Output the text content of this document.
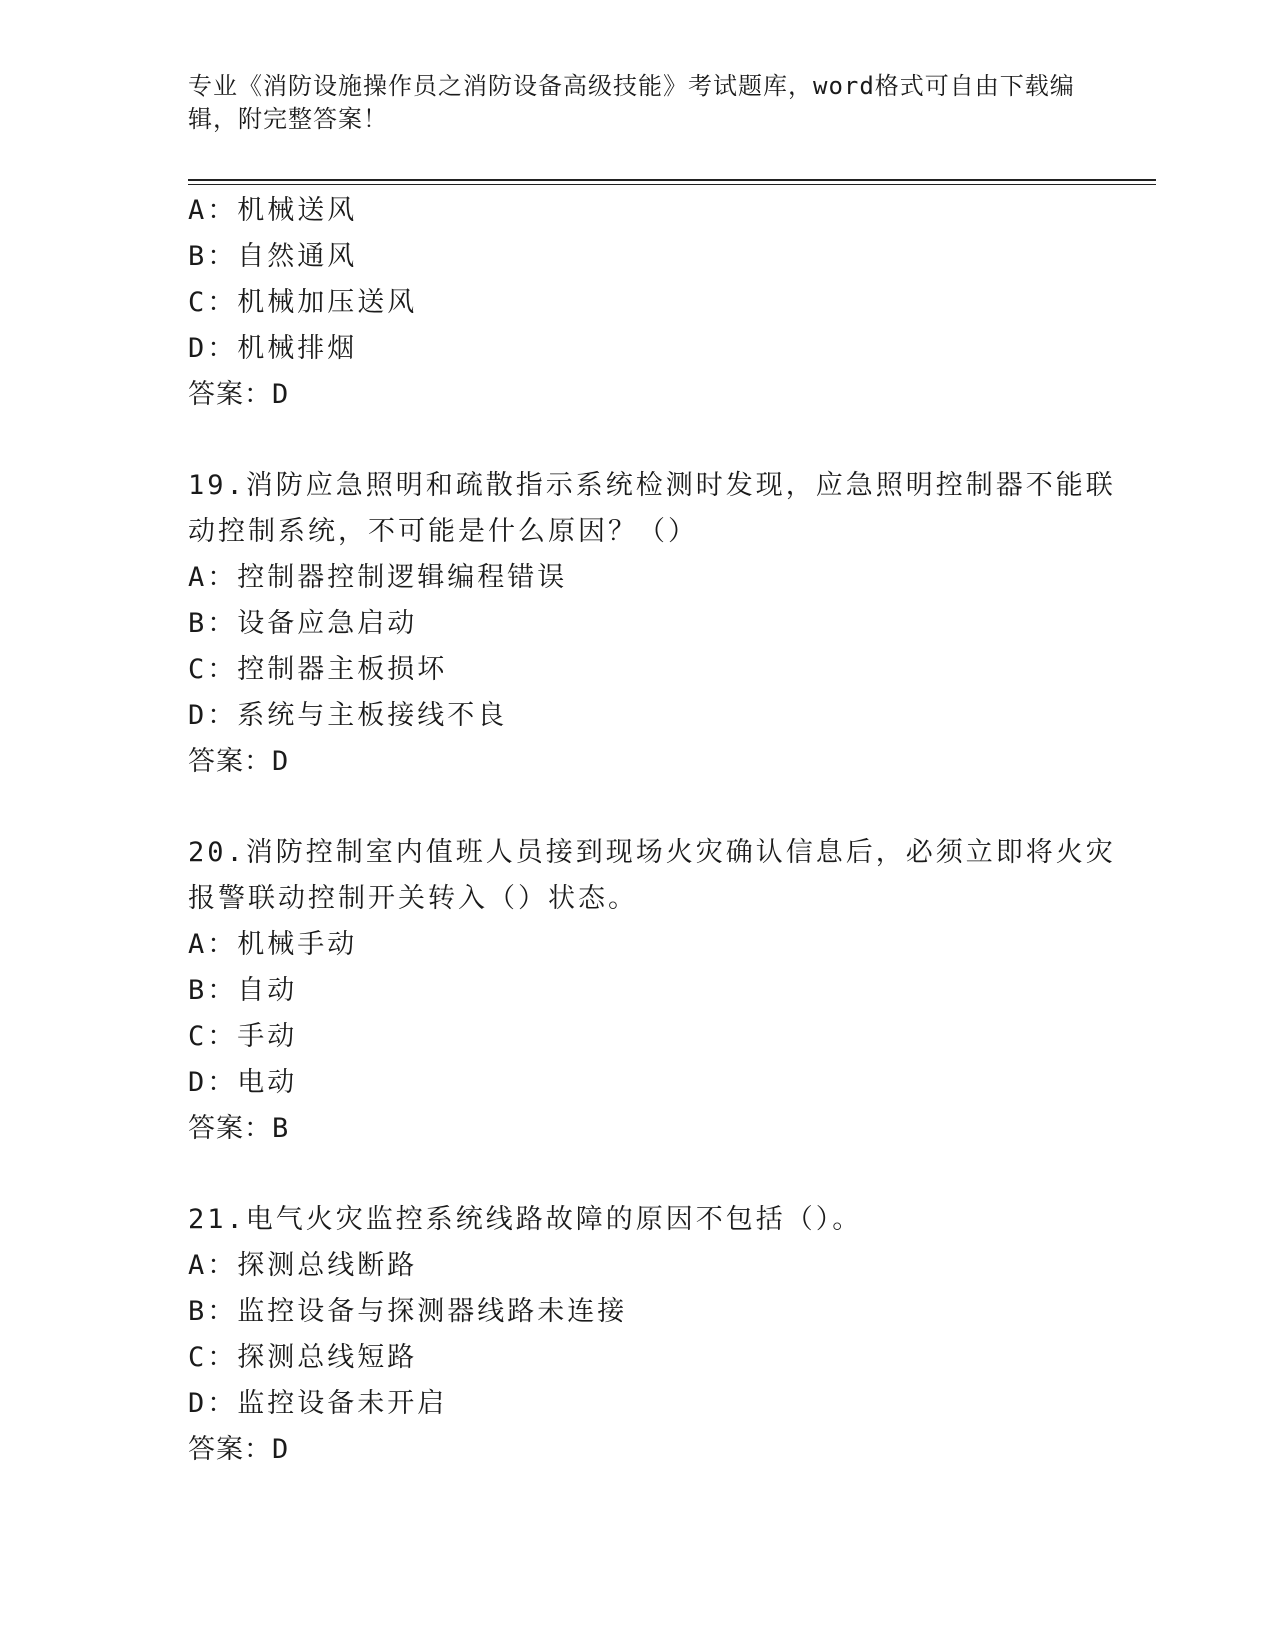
专业《消防设施操作员之消防设备高级技能》考试题库，word格式可自由下载编
辑，附完整答案！
A：机械送风
B：自然通风
C：机械加压送风
D：机械排烟
答案：D
19.消防应急照明和疏散指示系统检测时发现，应急照明控制器不能联
动控制系统，不可能是什么原因？（）
A：控制器控制逻辑编程错误
B：设备应急启动
C：控制器主板损坏
D：系统与主板接线不良
答案：D
20.消防控制室内值班人员接到现场火灾确认信息后，必须立即将火灾
报警联动控制开关转入（）状态。
A：机械手动
B：自动
C：手动
D：电动
答案：B
21.电气火灾监控系统线路故障的原因不包括（）。
A：探测总线断路
B：监控设备与探测器线路未连接
C：探测总线短路
D：监控设备未开启
答案：D
